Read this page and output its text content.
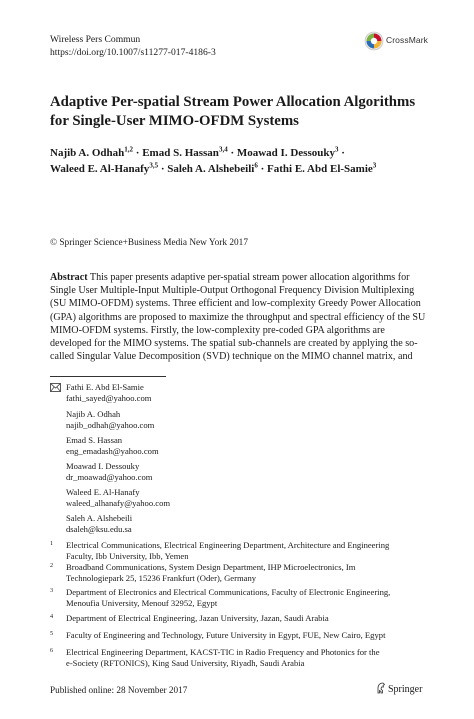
Wireless Pers Commun
https://doi.org/10.1007/s11277-017-4186-3
CrossMark
Adaptive Per-spatial Stream Power Allocation Algorithms for Single-User MIMO-OFDM Systems
Najib A. Odhah$^{1,2}$ · Emad S. Hassan$^{3,4}$ · Moawad I. Dessouky$^3$ ·
Waleed E. Al-Hanafy$^{3,5}$ · Saleh A. Alshebeili$^6$ · Fathi E. Abd El-Samie$^3$
© Springer Science+Business Media New York 2017
Abstract This paper presents adaptive per-spatial stream power allocation algorithms for Single User Multiple-Input Multiple-Output Orthogonal Frequency Division Multiplexing (SU MIMO-OFDM) systems. Three efficient and low-complexity Greedy Power Allocation (GPA) algorithms are proposed to maximize the throughput and spectral efficiency of the SU MIMO-OFDM systems. Firstly, the low-complexity pre-coded GPA algorithms are developed for the MIMO systems. The spatial sub-channels are created by applying the so-called Singular Value Decomposition (SVD) technique on the MIMO channel matrix, and
Fathi E. Abd El-Samie
fathi_sayed@yahoo.com
Najib A. Odhah
najib_odhah@yahoo.com
Emad S. Hassan
eng_emadash@yahoo.com
Moawad I. Dessouky
dr_moawad@yahoo.com
Waleed E. Al-Hanafy
waleed_alhanafy@yahoo.com
Saleh A. Alshebeili
dsaleh@ksu.edu.sa
1 Electrical Communications, Electrical Engineering Department, Architecture and Engineering
Faculty, Ibb University, Ibb, Yemen
2 Broadband Communications, System Design Department, IHP Microelectronics, Im
Technologiepark 25, 15236 Frankfurt (Oder), Germany
3 Department of Electronics and Electrical Communications, Faculty of Electronic Engineering,
Menoufia University, Menouf 32952, Egypt
4 Department of Electrical Engineering, Jazan University, Jazan, Saudi Arabia
5 Faculty of Engineering and Technology, Future University in Egypt, FUE, New Cairo, Egypt
6 Electrical Engineering Department, KACST-TIC in Radio Frequency and Photonics for the
e-Society (RFTONICS), King Saud University, Riyadh, Saudi Arabia
Published online: 28 November 2017	Springer
